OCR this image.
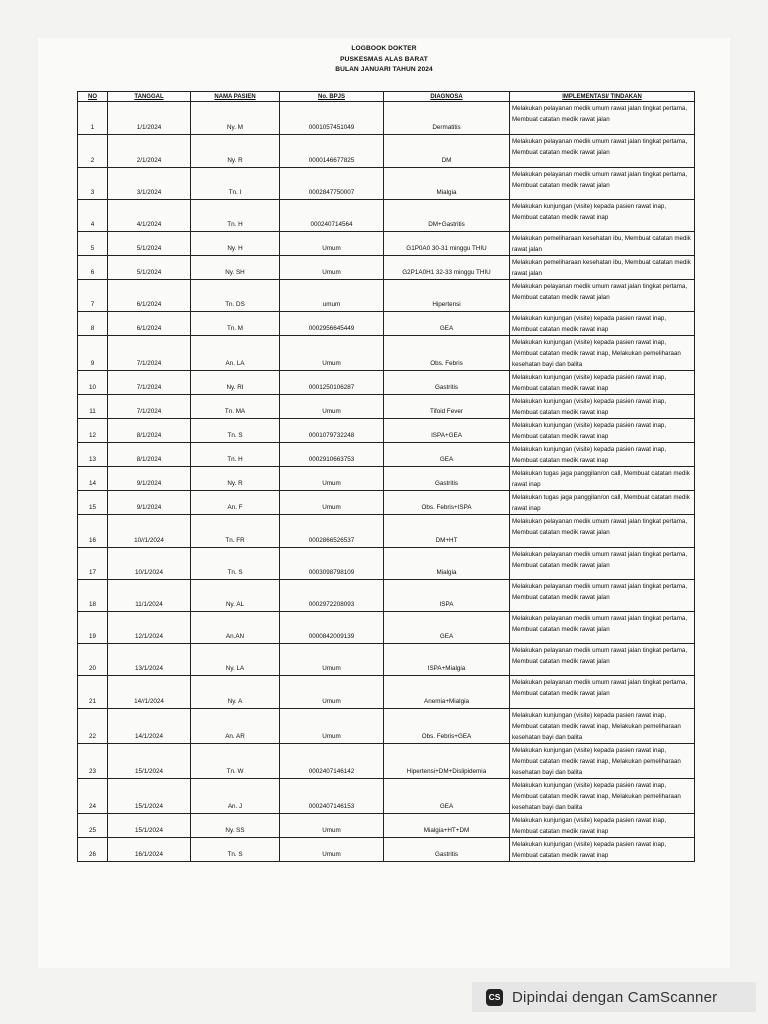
LOGBOOK DOKTER
PUSKESMAS ALAS BARAT
BULAN JANUARI TAHUN 2024
NO	TANGGAL	NAMA PASIEN	No. BPJS	DIAGNOSA	IMPLEMENTASI/ TINDAKAN
1	1/1/2024	Ny. M	0001057451049	Dermatitis	Melakukan pelayanan medik umum rawat jalan tingkat pertama, Membuat catatan medik rawat jalan
2	2/1/2024	Ny. R	0000146677825	DM	Melakukan pelayanan medik umum rawat jalan tingkat pertama, Membuat catatan medik rawat jalan
3	3/1/2024	Tn. I	0002847750007	Mialgia	Melakukan pelayanan medik umum rawat jalan tingkat pertama, Membuat catatan medik rawat jalan
4	4/1/2024	Tn. H	000240714564	DM+Gastritis	Melakukan kunjungan (visite) kepada pasien rawat inap, Membuat catatan medik rawat inap
5	5/1/2024	Ny. H	Umum	G1P0A0 30-31 minggu THIU	Melakukan pemeliharaan kesehatan ibu, Membuat catatan medik rawat jalan
6	5/1/2024	Ny. SH	Umum	G2P1A0H1 32-33 minggu THIU	Melakukan pemeliharaan kesehatan ibu, Membuat catatan medik rawat jalan
7	6/1/2024	Tn. DS	umum	Hipertensi	Melakukan pelayanan medik umum rawat jalan tingkat pertama, Membuat catatan medik rawat jalan
8	6/1/2024	Tn. M	0002956645449	GEA	Melakukan kunjungan (visite) kepada pasien rawat inap, Membuat catatan medik rawat inap
9	7/1/2024	An. LA	Umum	Obs. Febris	Melakukan kunjungan (visite) kepada pasien rawat inap, Membuat catatan medik rawat inap, Melakukan pemeliharaan kesehatan bayi dan balita
10	7/1/2024	Ny. RI	0001250106287	Gastritis	Melakukan kunjungan (visite) kepada pasien rawat inap, Membuat catatan medik rawat inap
11	7/1/2024	Tn. MA	Umum	Tifoid Fever	Melakukan kunjungan (visite) kepada pasien rawat inap, Membuat catatan medik rawat inap
12	8/1/2024	Tn. S	0001079732248	ISPA+GEA	Melakukan kunjungan (visite) kepada pasien rawat inap, Membuat catatan medik rawat inap
13	8/1/2024	Tn. H	0002910663753	GEA	Melakukan kunjungan (visite) kepada pasien rawat inap, Membuat catatan medik rawat inap
14	9/1/2024	Ny. R	Umum	Gastritis	Melakukan tugas jaga panggilan/on call, Membuat catatan medik rawat inap
15	9/1/2024	An. F	Umum	Obs. Febris+ISPA	Melakukan tugas jaga panggilan/on call, Membuat catatan medik rawat inap
16	10//1/2024	Tn. FR	0002866526537	DM+HT	Melakukan pelayanan medik umum rawat jalan tingkat pertama, Membuat catatan medik rawat jalan
17	10/1/2024	Tn. S	0003098798109	Mialgia	Melakukan pelayanan medik umum rawat jalan tingkat pertama, Membuat catatan medik rawat jalan
18	11/1/2024	Ny. AL	0002972208093	ISPA	Melakukan pelayanan medik umum rawat jalan tingkat pertama, Membuat catatan medik rawat jalan
19	12/1/2024	An.AN	0000842009139	GEA	Melakukan pelayanan medik umum rawat jalan tingkat pertama, Membuat catatan medik rawat jalan
20	13/1/2024	Ny. LA	Umum	ISPA+Mialgia	Melakukan pelayanan medik umum rawat jalan tingkat pertama, Membuat catatan medik rawat jalan
21	14//1/2024	Ny. A	Umum	Anemia+Mialgia	Melakukan pelayanan medik umum rawat jalan tingkat pertama, Membuat catatan medik rawat jalan
22	14/1/2024	An. AR	Umum	Obs. Febris+GEA	Melakukan kunjungan (visite) kepada pasien rawat inap, Membuat catatan medik rawat inap, Melakukan pemeliharaan kesehatan bayi dan balita
23	15/1/2024	Tn. W	0002407146142	Hipertensi+DM+Dislipidemia	Melakukan kunjungan (visite) kepada pasien rawat inap, Membuat catatan medik rawat inap, Melakukan pemeliharaan kesehatan bayi dan balita
24	15/1/2024	An. J	0002407146153	GEA	Melakukan kunjungan (visite) kepada pasien rawat inap, Membuat catatan medik rawat inap, Melakukan pemeliharaan kesehatan bayi dan balita
25	15/1/2024	Ny. SS	Umum	Mialgia+HT+DM	Melakukan kunjungan (visite) kepada pasien rawat inap, Membuat catatan medik rawat inap
26	16/1/2024	Tn. S	Umum	Gastritis	Melakukan kunjungan (visite) kepada pasien rawat inap, Membuat catatan medik rawat inap
CS Dipindai dengan CamScanner
